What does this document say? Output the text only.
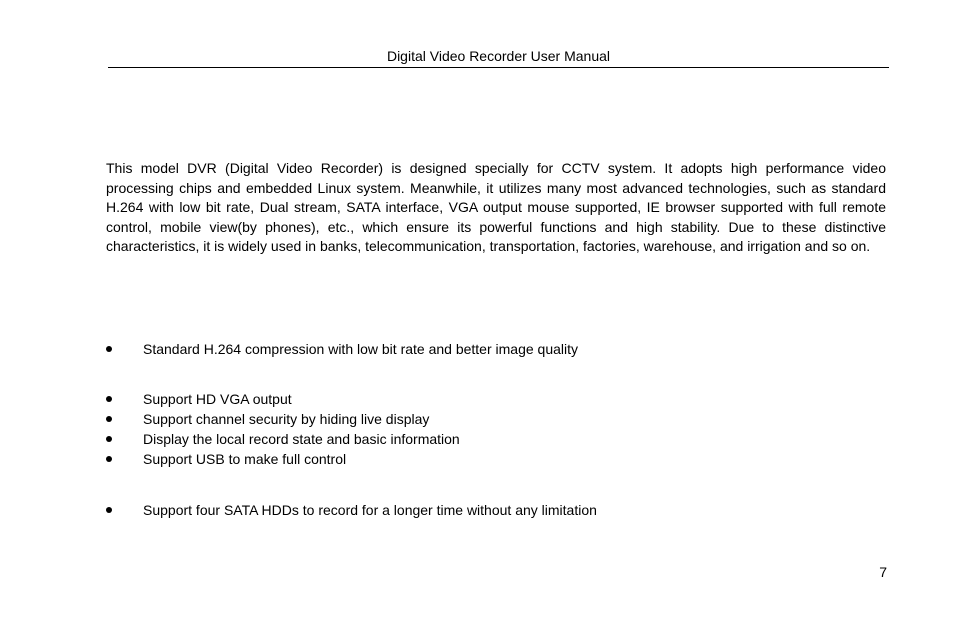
Digital Video Recorder User Manual

This model DVR (Digital Video Recorder) is designed specially for CCTV system. It adopts high performance video processing chips and embedded Linux system. Meanwhile, it utilizes many most advanced technologies, such as standard H.264 with low bit rate, Dual stream, SATA interface, VGA output mouse supported, IE browser supported with full remote control, mobile view(by phones), etc., which ensure its powerful functions and high stability. Due to these distinctive characteristics, it is widely used in banks, telecommunication, transportation, factories, warehouse, and irrigation and so on.

Standard H.264 compression with low bit rate and better image quality
Support HD VGA output
Support channel security by hiding live display
Display the local record state and basic information
Support USB to make full control
Support four SATA HDDs to record for a longer time without any limitation
7
